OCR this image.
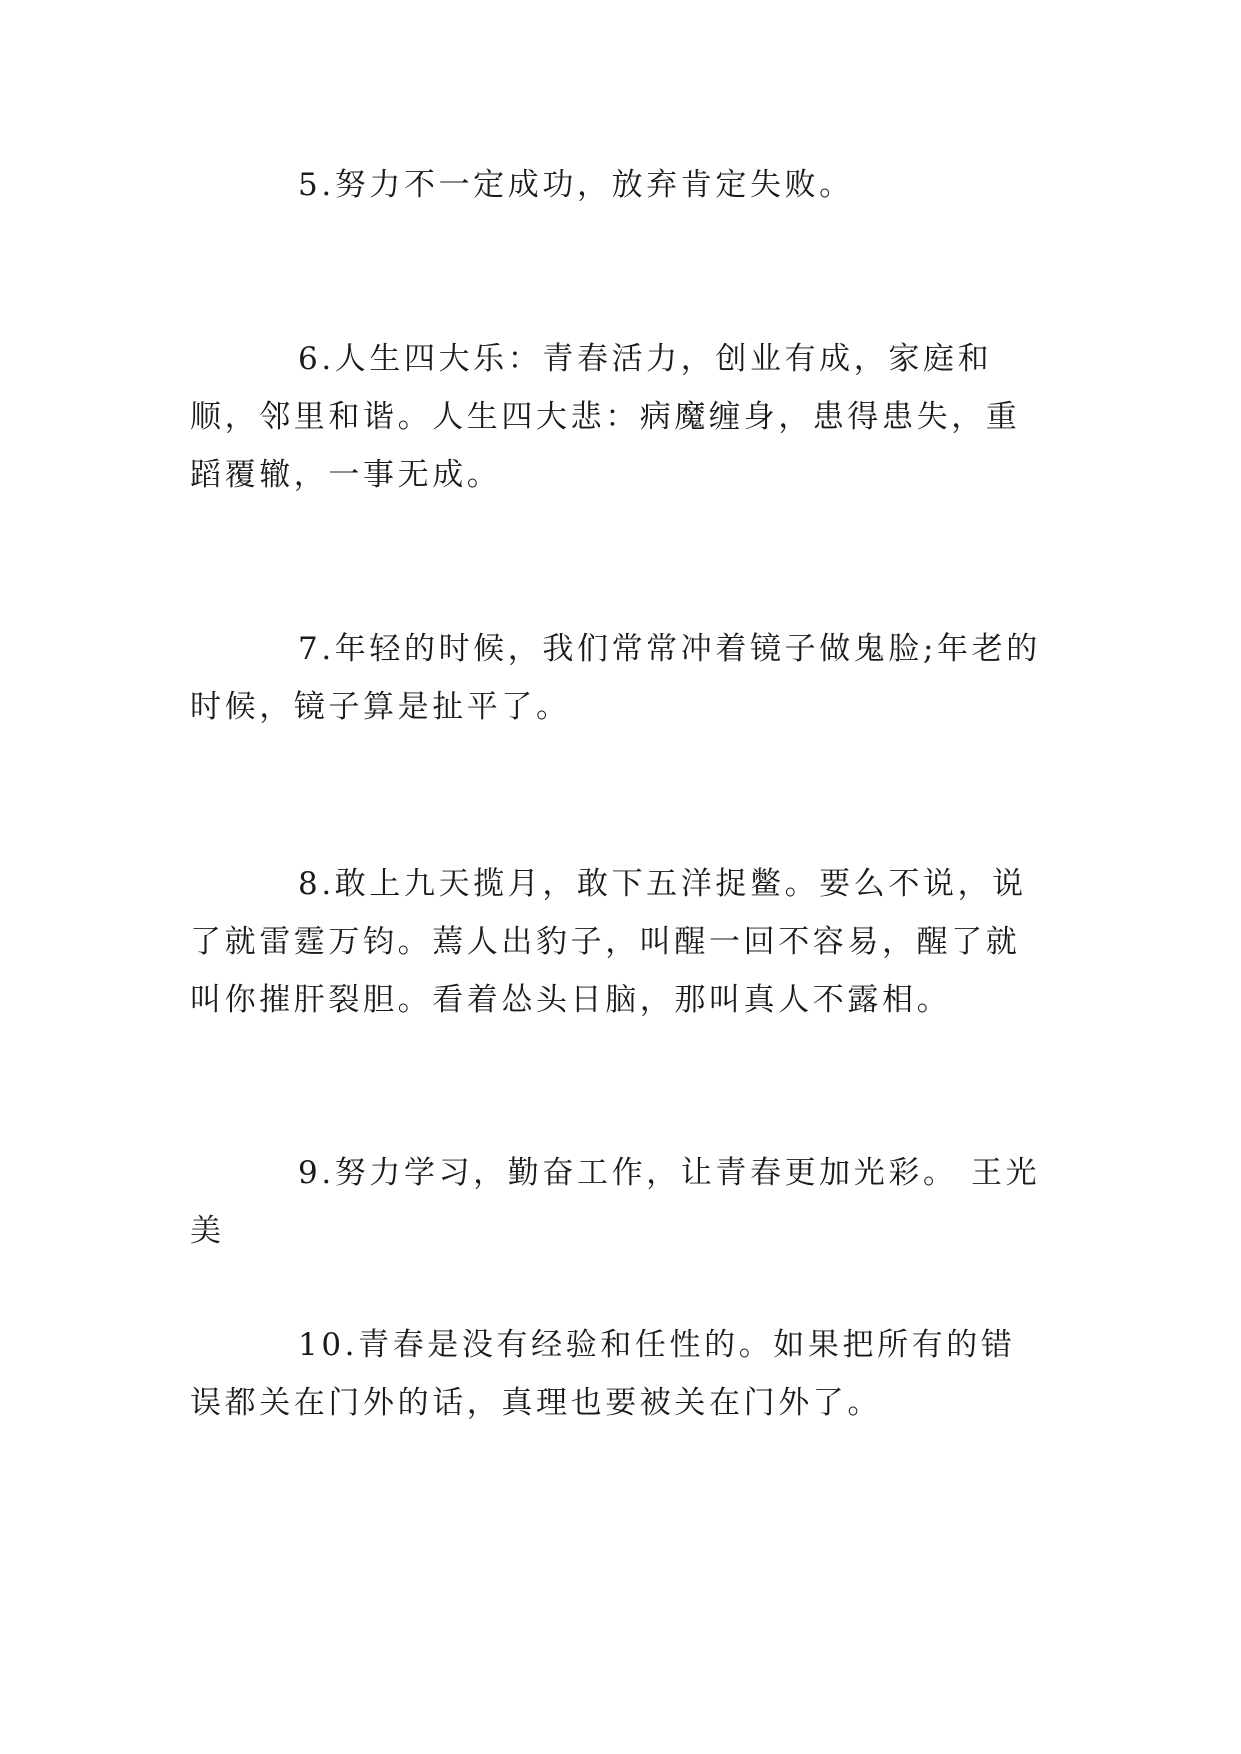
5.努力不一定成功，放弃肯定失败。

6.人生四大乐：青春活力，创业有成，家庭和顺，邻里和谐。人生四大悲：病魔缠身，患得患失，重蹈覆辙，一事无成。

7.年轻的时候，我们常常冲着镜子做鬼脸;年老的时候，镜子算是扯平了。

8.敢上九天揽月，敢下五洋捉鳖。要么不说，说了就雷霆万钧。蔫人出豹子，叫醒一回不容易，醒了就叫你摧肝裂胆。看着怂头日脑，那叫真人不露相。

9.努力学习，勤奋工作，让青春更加光彩。 王光美

10.青春是没有经验和任性的。如果把所有的错误都关在门外的话，真理也要被关在门外了。
